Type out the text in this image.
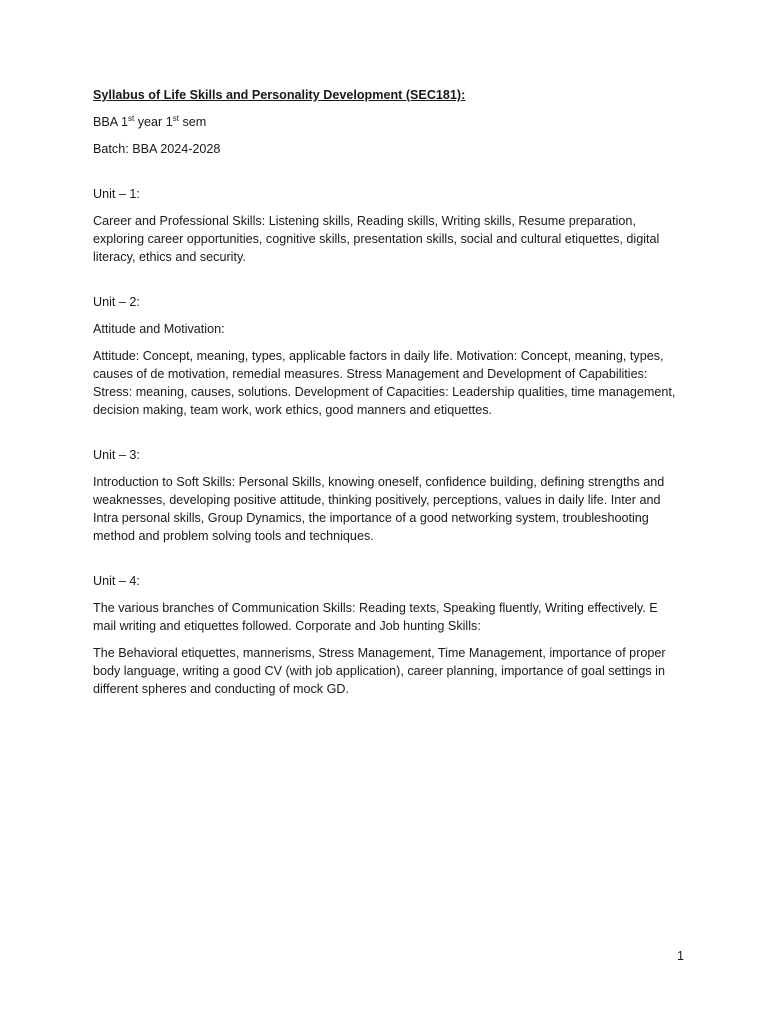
Syllabus of Life Skills and Personality Development (SEC181):

BBA 1st year 1st sem

Batch: BBA 2024-2028

Unit – 1:

Career and Professional Skills: Listening skills, Reading skills, Writing skills, Resume preparation, exploring career opportunities, cognitive skills, presentation skills, social and cultural etiquettes, digital literacy, ethics and security.

Unit – 2:

Attitude and Motivation:

Attitude: Concept, meaning, types, applicable factors in daily life. Motivation: Concept, meaning, types, causes of de motivation, remedial measures. Stress Management and Development of Capabilities: Stress: meaning, causes, solutions. Development of Capacities: Leadership qualities, time management, decision making, team work, work ethics, good manners and etiquettes.

Unit – 3:

Introduction to Soft Skills: Personal Skills, knowing oneself, confidence building, defining strengths and weaknesses, developing positive attitude, thinking positively, perceptions, values in daily life. Inter and Intra personal skills, Group Dynamics, the importance of a good networking system, troubleshooting method and problem solving tools and techniques.

Unit – 4:

The various branches of Communication Skills: Reading texts, Speaking fluently, Writing effectively. E mail writing and etiquettes followed. Corporate and Job hunting Skills:

The Behavioral etiquettes, mannerisms, Stress Management, Time Management, importance of proper body language, writing a good CV (with job application), career planning, importance of goal settings in different spheres and conducting of mock GD.

1
